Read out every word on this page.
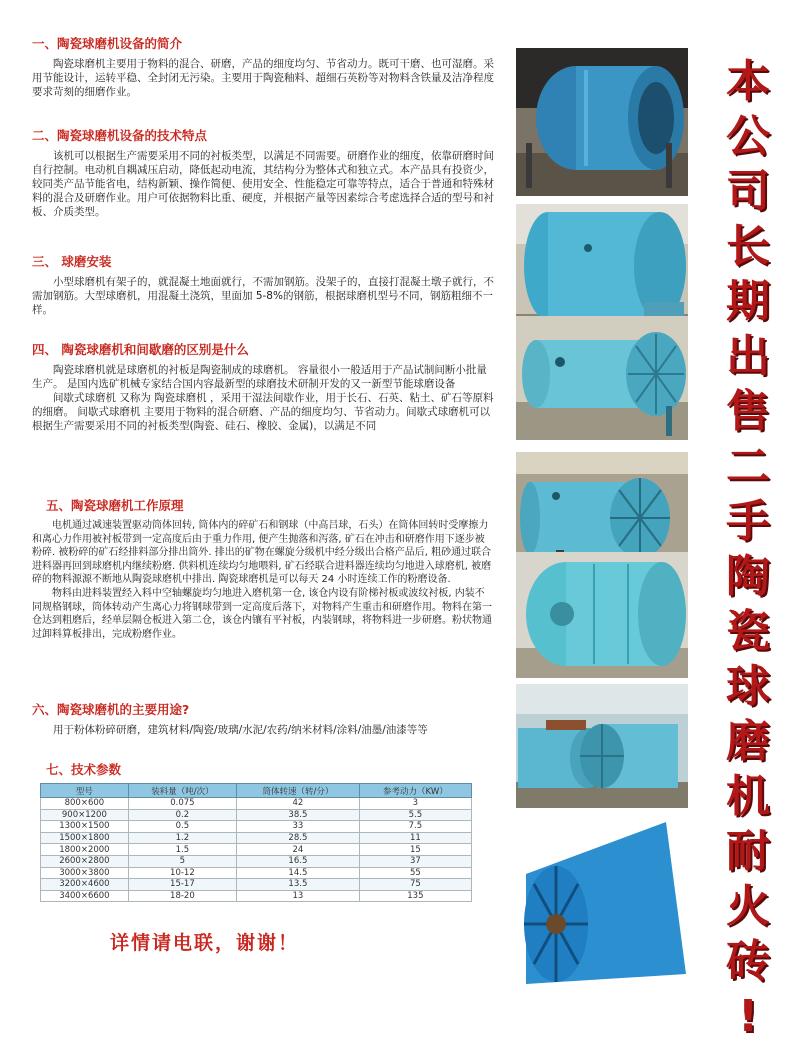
一、陶瓷球磨机设备的简介

陶瓷球磨机主要用于物料的混合、研磨，产品的细度均匀、节省动力。既可干磨、也可湿磨。采用节能设计，运转平稳、全封闭无污染。主要用于陶瓷釉料、超细石英粉等对物料含铁量及洁净程度要求苛刻的细磨作业。

二、陶瓷球磨机设备的技术特点

该机可以根据生产需要采用不同的衬板类型，以满足不同需要。研磨作业的细度，依靠研磨时间自行控制。电动机自耦减压启动，降低起动电流，其结构分为整体式和独立式。本产品具有投资少，较同类产品节能省电，结构新颖、操作简便、使用安全、性能稳定可靠等特点，适合于普通和特殊材料的混合及研磨作业。用户可依据物料比重、硬度，并根据产量等因素综合考虑选择合适的型号和衬板、介质类型。

三、 球磨安装

小型球磨机有架子的，就混凝土地面就行，不需加钢筋。没架子的，直接打混凝土墩子就行，不需加钢筋。大型球磨机，用混凝土浇筑，里面加 5-8%的钢筋，根据球磨机型号不同，钢筋粗细不一样。

四、 陶瓷球磨机和间歇磨的区别是什么

陶瓷球磨机就是球磨机的衬板是陶瓷制成的球磨机。 容量很小一般适用于产品试制间断小批量生产。 是国内选矿机械专家结合国内容最新型的球磨技术研制开发的又一新型节能球磨设备

间歇式球磨机 又称为 陶瓷球磨机 ，采用干湿法间歇作业，用于长石、石英、粘土、矿石等原料的细磨。 间歇式球磨机 主要用于物料的混合研磨、产品的细度均匀、节省动力。间歇式球磨机可以根据生产需要采用不同的衬板类型(陶瓷、硅石、橡胶、金属)，以满足不同

五、陶瓷球磨机工作原理

电机通过减速装置驱动筒体回转, 筒体内的碎矿石和钢球（中高吕球，石头）在筒体回转时受摩擦力和离心力作用被衬板带到一定高度后由于重力作用, 便产生抛落和泻落, 矿石在冲击和研磨作用下逐步被粉碎. 被粉碎的矿石经排料部分排出筒外. 排出的矿物在螺旋分级机中经分级出合格产品后, 粗砂通过联合进料器再回到球磨机内继续粉磨. 供料机连续均匀地喂料, 矿石经联合进料器连续均匀地进入球磨机, 被磨碎的物料源源不断地从陶瓷球磨机中排出. 陶瓷球磨机是可以每天 24 小时连续工作的粉磨设备.

物料由进料装置经入料中空轴螺旋均匀地进入磨机第一仓, 该仓内设有阶梯衬板或波纹衬板, 内装不同规格钢球，筒体转动产生离心力将钢球带到一定高度后落下，对物料产生重击和研磨作用。物料在第一仓达到粗磨后，经单层隔仓板进入第二仓，该仓内镶有平衬板，内装钢球，将物料进一步研磨。粉状物通过卸料算板排出，完成粉磨作业。

六、陶瓷球磨机的主要用途?

用于粉体粉碎研磨，建筑材料/陶瓷/玻璃/水泥/农药/纳米材料/涂料/油墨/油漆等等

七、技术参数
型号	装料量（吨/次）	筒体转速（转/分）	参考动力（KW）
800×600	0.075	42	3
900×1200	0.2	38.5	5.5
1300×1500	0.5	33	7.5
1500×1800	1.2	28.5	11
1800×2000	1.5	24	15
2600×2800	5	16.5	37
3000×3800	10-12	14.5	55
3200×4600	15-17	13.5	75
3400×6600	18-20	13	135
详情请电联，谢谢！
本
公
司
长
期
出
售
二
手
陶
瓷
球
磨
机
耐
火
砖
!
